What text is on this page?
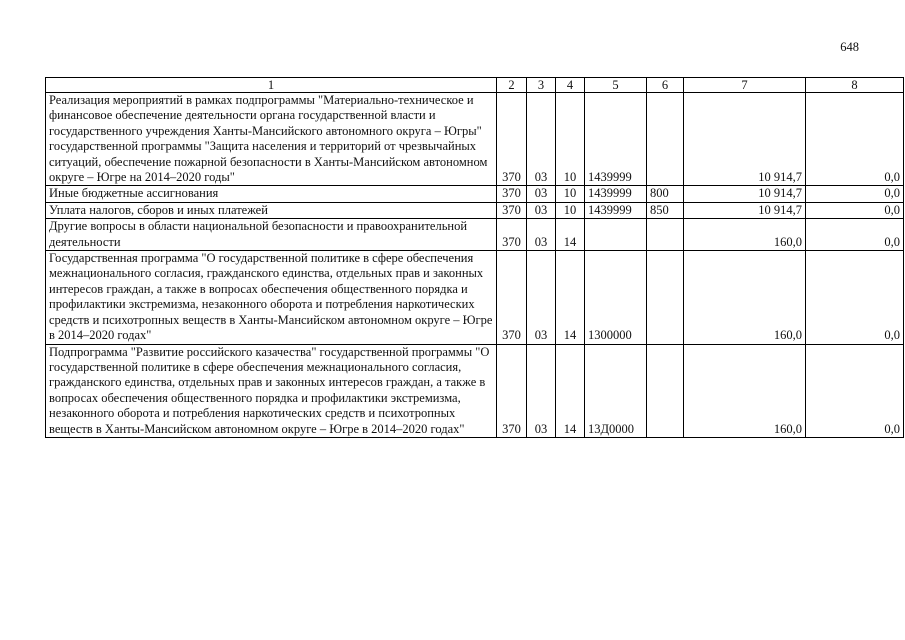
648
1	2	3	4	5	6	7	8
Реализация мероприятий в рамках подпрограммы "Материально-техническое и финансовое обеспечение деятельности органа государственной власти и государственного учреждения Ханты-Мансийского автономного округа – Югры" государственной программы "Защита населения и территорий от чрезвычайных ситуаций, обеспечение пожарной безопасности в Ханты-Мансийском автономном округе – Югре на 2014–2020 годы"	370	03	10	1439999		10 914,7	0,0
Иные бюджетные ассигнования	370	03	10	1439999	800	10 914,7	0,0
Уплата налогов, сборов и иных платежей	370	03	10	1439999	850	10 914,7	0,0
Другие вопросы в области национальной безопасности и правоохранительной деятельности	370	03	14			160,0	0,0
Государственная программа "О государственной политике в сфере обеспечения межнационального согласия, гражданского единства, отдельных прав и законных интересов граждан, а также в вопросах обеспечения общественного порядка и профилактики экстремизма, незаконного оборота и потребления наркотических средств и психотропных веществ в Ханты-Мансийском автономном округе – Югре в 2014–2020 годах"	370	03	14	1300000		160,0	0,0
Подпрограмма "Развитие российского казачества" государственной программы "О государственной политике в сфере обеспечения межнационального согласия, гражданского единства, отдельных прав и законных интересов граждан, а также в вопросах обеспечения общественного порядка и профилактики экстремизма, незаконного оборота и потребления наркотических средств и психотропных веществ в Ханты-Мансийском автономном округе – Югре в 2014–2020 годах"	370	03	14	13Д0000		160,0	0,0
